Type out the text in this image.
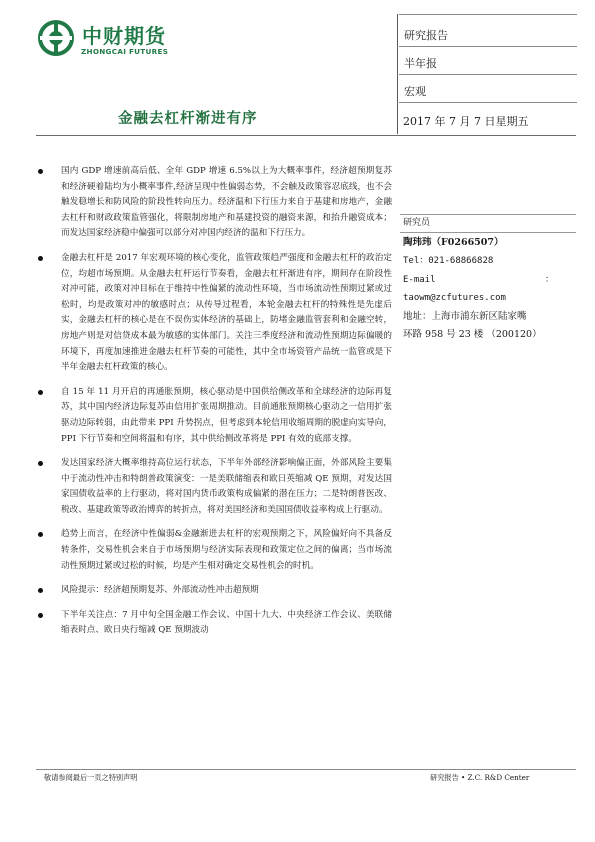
中财期货
ZHONGCAI FUTURES
研究报告
半年报
宏观
金融去杠杆渐进有序	2017 年 7 月 7 日星期五

国内 GDP 增速前高后低、全年 GDP 增速 6.5%以上为大概率事件，经济超预期复苏和经济硬着陆均为小概率事件,经济呈现中性偏弱态势，不会触及政策容忍底线，也不会触发稳增长和防风险的阶段性转向压力。经济温和下行压力来自于基建和房地产，金融去杠杆和财政政策监管强化，将限制房地产和基建投资的融资来源，和抬升融资成本；而发达国家经济稳中偏强可以部分对冲国内经济的温和下行压力。

金融去杠杆是 2017 年宏观环境的核心变化，监管政策趋严强度和金融去杠杆的政治定位，均超市场预期。从金融去杠杆运行节奏看，金融去杠杆渐进有序，期间存在阶段性对冲可能，政策对冲目标在于维持中性偏紧的流动性环境，当市场流动性预期过紧或过松时，均是政策对冲的敏感时点；从传导过程看，本轮金融去杠杆的特殊性是先虚后实，金融去杠杆的核心是在不误伤实体经济的基础上，防堵金融监管套利和金融空转，房地产则是对信贷成本最为敏感的实体部门。关注三季度经济和流动性预期边际偏暖的环境下，再度加速推进金融去杠杆节奏的可能性，其中全市场资管产品统一监管或是下半年金融去杠杆政策的核心。

自 15 年 11 月开启的再通胀预期，核心驱动是中国供给侧改革和全球经济的边际再复苏，其中国内经济边际复苏由信用扩张周期推动。目前通胀预期核心驱动之一信用扩张驱动边际转弱，由此带来 PPI 升势拐点，但考虑到本轮信用收缩周期的脱虚向实导向，PPI 下行节奏和空间将温和有序，其中供给侧改革将是 PPI 有效的底部支撑。

发达国家经济大概率维持高位运行状态，下半年外部经济影响偏正面，外部风险主要集中于流动性冲击和特朗普政策演变：一是美联储缩表和欧日英缩减 QE 预期，对发达国家国债收益率的上行驱动，将对国内货币政策构成偏紧的潜在压力；二是特朗普医改、税改、基建政策等政治博弈的转折点，将对美国经济和美国国债收益率构成上行驱动。

趋势上而言，在经济中性偏弱&金融渐进去杠杆的宏观预期之下，风险偏好向不具备反转条件，交易性机会来自于市场预期与经济实际表现和政策定位之间的偏离；当市场流动性预期过紧或过松的时候，均是产生相对确定交易性机会的时机。

风险提示：经济超预期复苏、外部流动性冲击超预期

下半年关注点：7 月中旬全国金融工作会议、中国十九大、中央经济工作会议、美联储缩表时点、欧日央行缩减 QE 预期波动

研究员
陶玮玮（F0266507）
Tel：021-68866828
E-mail	：
taowm@zcfutures.com
地址：上海市浦东新区陆家嘴
环路 958 号 23 楼 （200120）
敬请参阅最后一页之特别声明	研究报告 • Z.C. R&D Center
